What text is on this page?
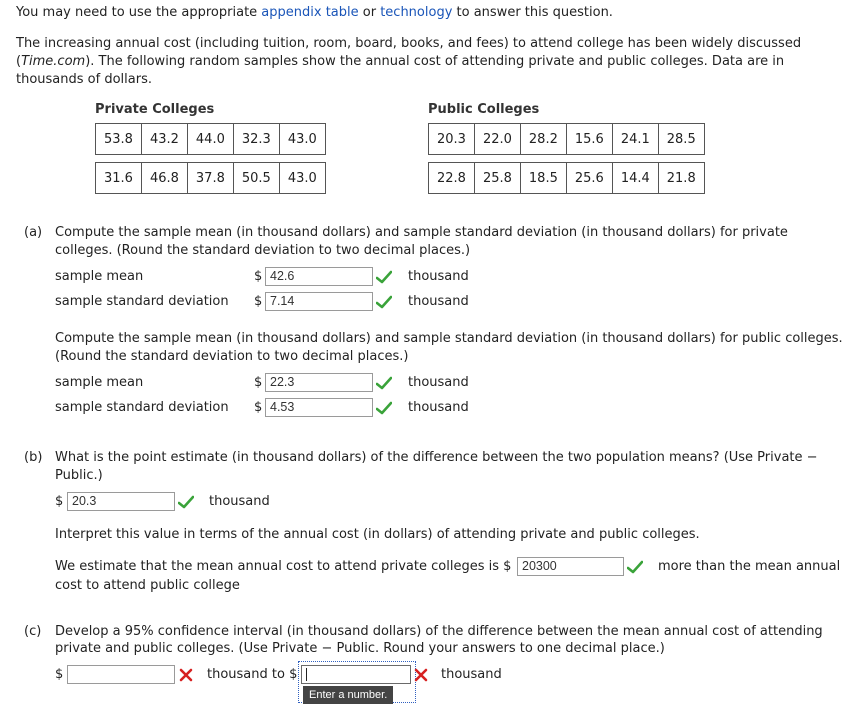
You may need to use the appropriate appendix table or technology to answer this question.
The increasing annual cost (including tuition, room, board, books, and fees) to attend college has been widely discussed
(Time.com). The following random samples show the annual cost of attending private and public colleges. Data are in
thousands of dollars.
Private Colleges
53.8	43.2	44.0	32.3	43.0
31.6	46.8	37.8	50.5	43.0
Public Colleges
20.3	22.0	28.2	15.6	24.1	28.5
22.8	25.8	18.5	25.6	14.4	21.8
(a) Compute the sample mean (in thousand dollars) and sample standard deviation (in thousand dollars) for private
colleges. (Round the standard deviation to two decimal places.)
sample mean	$ 42.6	thousand
sample standard deviation $ 7.14	thousand
Compute the sample mean (in thousand dollars) and sample standard deviation (in thousand dollars) for public colleges.
(Round the standard deviation to two decimal places.)
sample mean	$ 22.3	thousand
sample standard deviation $ 4.53	thousand
(b) What is the point estimate (in thousand dollars) of the difference between the two population means? (Use Private −
Public.)
$ 20.3	thousand
Interpret this value in terms of the annual cost (in dollars) of attending private and public colleges.
We estimate that the mean annual cost to attend private colleges is $ 20300	more than the mean annual
cost to attend public college
(c) Develop a 95% confidence interval (in thousand dollars) of the difference between the mean annual cost of attending
private and public colleges. (Use Private − Public. Round your answers to one decimal place.)
$	thousand to $
Enter a number.
thousand
